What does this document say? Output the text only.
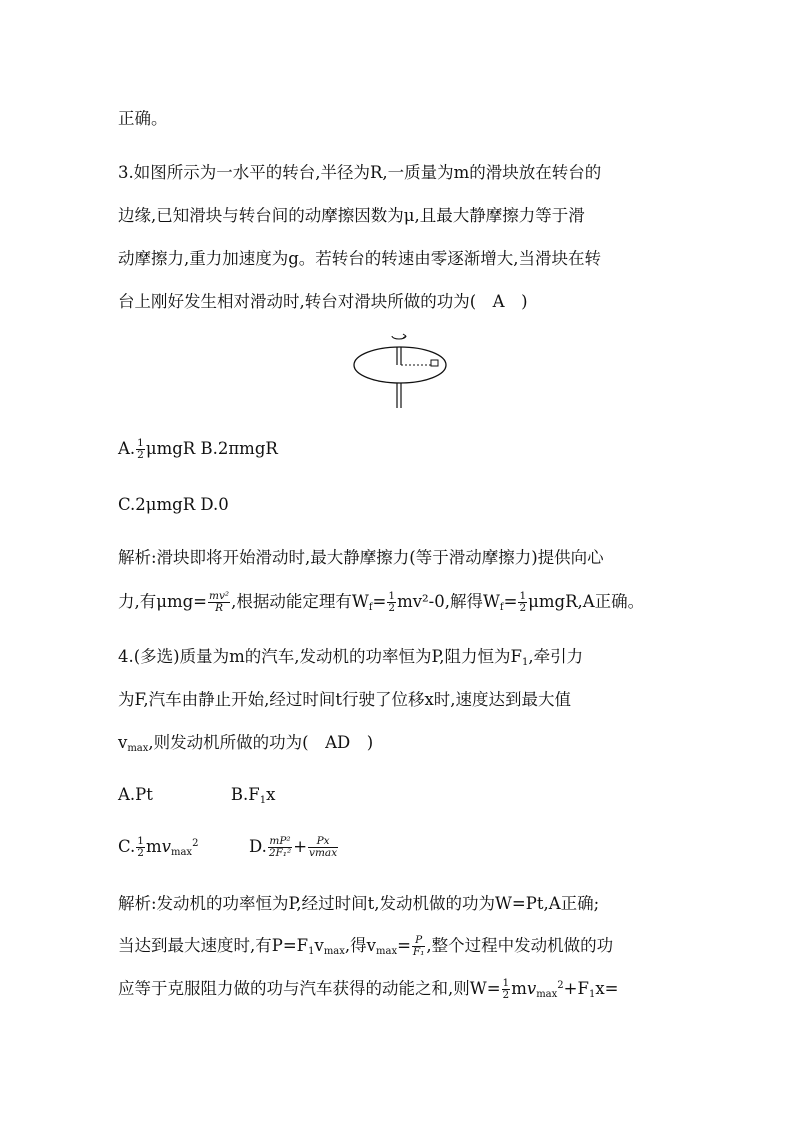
正确。
3.如图所示为一水平的转台,半径为R,一质量为m的滑块放在转台的
边缘,已知滑块与转台间的动摩擦因数为μ,且最大静摩擦力等于滑
动摩擦力,重力加速度为g。若转台的转速由零逐渐增大,当滑块在转
台上刚好发生相对滑动时,转台对滑块所做的功为(　A　)
A. $\frac{1}{2}$ μmgR B.2πmgR
C.2μmgR D.0
解析:滑块即将开始滑动时,最大静摩擦力(等于滑动摩擦力)提供向心
力,有$\mu mg= \frac{\text{mv²}}{R}$ ,根据动能定理有$W_f= \frac{1}{2} mv^2-0$,解得$W_f= \frac{1}{2} \mu mgR,A$正确。
4.(多选)质量为m的汽车,发动机的功率恒为P,阻力恒为$F_1$,牵引力
为F,汽车由静止开始,经过时间t行驶了位移x时,速度达到最大值
$v_{max}$,则发动机所做的功为(　AD　)
A.Pt	$B.F_1x$
C. $\frac{1}{2} mv_{max}^2$	D. $\frac{\text{mP²}}{\text{2F₁²}} + \frac{Px}{vmax}$
解析:发动机的功率恒为P,经过时间t,发动机做的功为W=Pt,A正确;
当达到最大速度时,有$P=F_1v_{max}$,得$v_{max}= \frac{P}{\text{F₁}}$ ,整个过程中发动机做的功
应等于克服阻力做的功与汽车获得的动能之和,则$W= \frac{1}{2} mv_{max}^2+F_1x=$
